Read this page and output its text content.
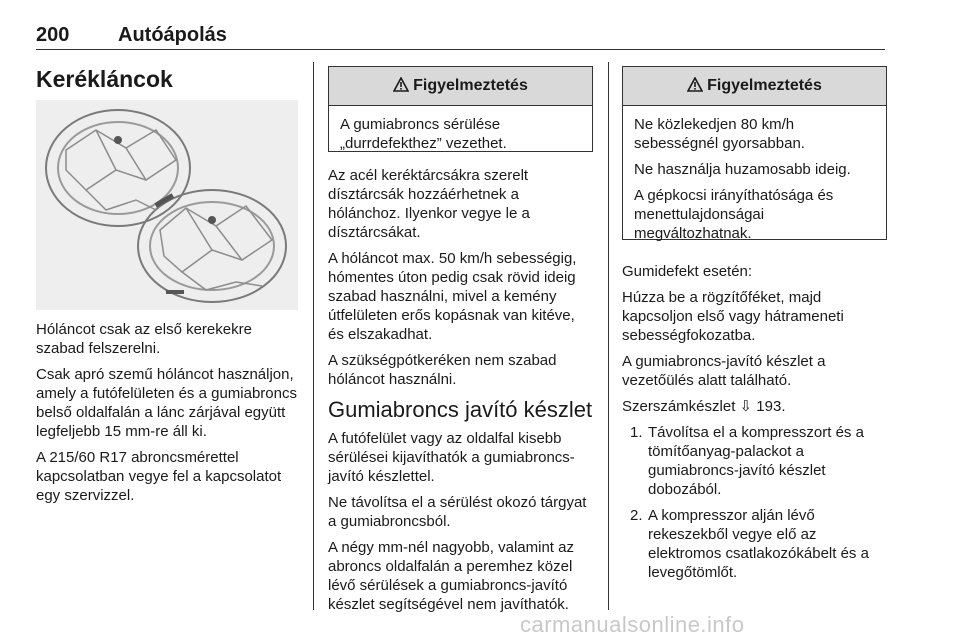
200 Autóápolás
Kerékláncok

Hóláncot csak az első kerekekre szabad felszerelni.

Csak apró szemű hóláncot használjon, amely a futófelületen és a gumiabroncs belső oldalfalán a lánc zárjával együtt legfeljebb 15 mm-re áll ki.

A 215/60 R17 abroncsmérettel kapcsolatban vegye fel a kapcsolatot egy szervizzel.

Figyelmeztetés

A gumiabroncs sérülése „durrdefekthez” vezethet.

Az acél keréktárcsákra szerelt dísztárcsák hozzáérhetnek a hólánchoz. Ilyenkor vegye le a dísztárcsákat.

A hóláncot max. 50 km/h sebességig, hómentes úton pedig csak rövid ideig szabad használni, mivel a kemény útfelületen erős kopásnak van kitéve, és elszakadhat.

A szükségpótkeréken nem szabad hóláncot használni.

Gumiabroncs javító készlet

A futófelület vagy az oldalfal kisebb sérülései kijavíthatók a gumiabroncs-javító készlettel.

Ne távolítsa el a sérülést okozó tárgyat a gumiabroncsból.

A négy mm-nél nagyobb, valamint az abroncs oldalfalán a peremhez közel lévő sérülések a gumiabroncs-javító készlet segítségével nem javíthatók.

Figyelmeztetés

Ne közlekedjen 80 km/h sebességnél gyorsabban.

Ne használja huzamosabb ideig.

A gépkocsi irányíthatósága és menettulajdonságai megváltozhatnak.

Gumidefekt esetén:

Húzza be a rögzítőféket, majd kapcsoljon első vagy hátrameneti sebességfokozatba.

A gumiabroncs-javító készlet a vezetőülés alatt található.

Szerszámkészlet ⇩ 193.

1. Távolítsa el a kompresszort és a tömítőanyag-palackot a gumiabroncs-javító készlet dobozából.
2. A kompresszor alján lévő rekeszekből vegye elő az elektromos csatlakozókábelt és a levegőtömlőt.
carmanualsonline.info
